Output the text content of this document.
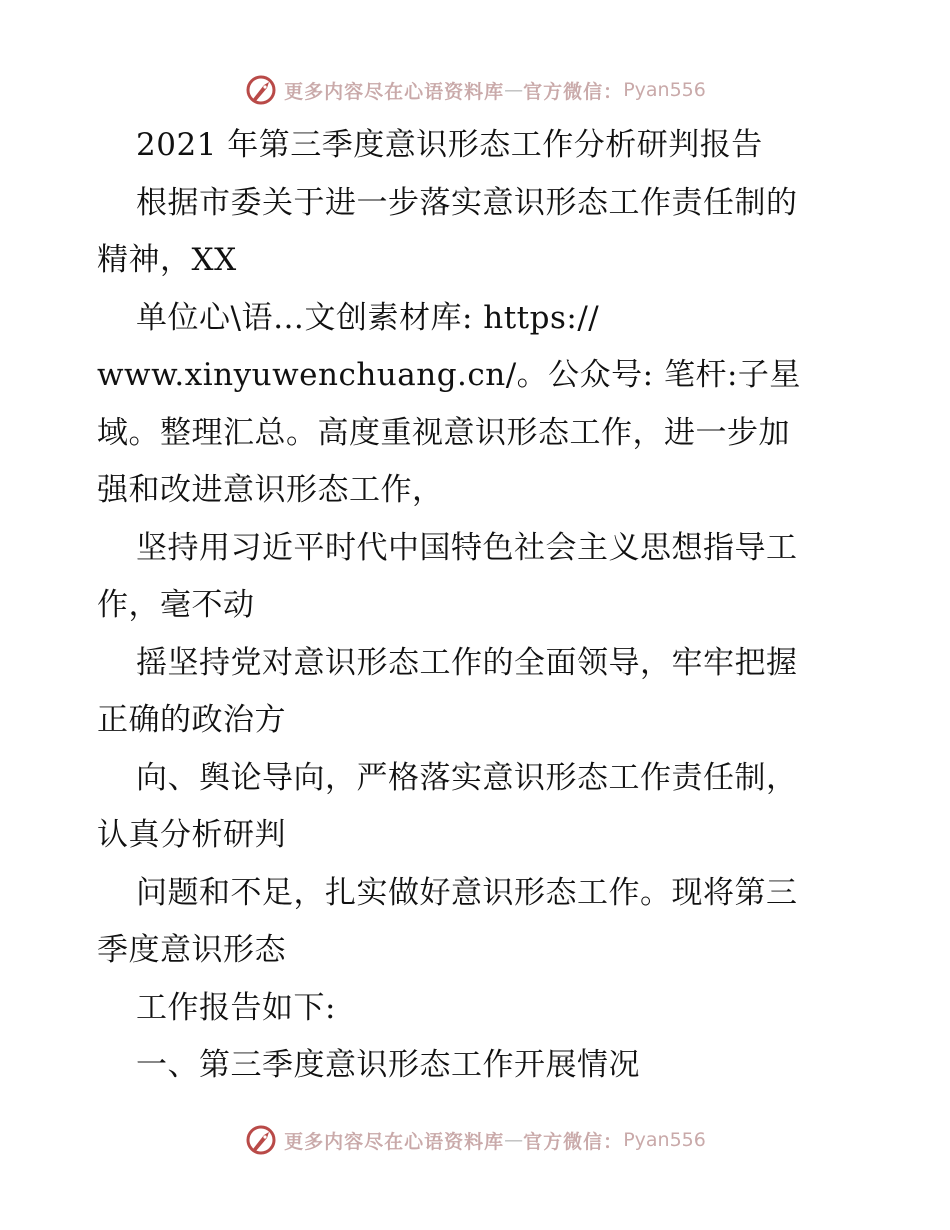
更多内容尽在心语资料库 — 官方微信： Pyan556
2021 年第三季度意识形态工作分析研判报告
根据市委关于进一步落实意识形态工作责任制的
精神，XX
单位心\语…文创素材库: https://
www.xinyuwenchuang.cn/。公众号: 笔杆:子星
域。整理汇总。高度重视意识形态工作，进一步加
强和改进意识形态工作，
坚持用习近平时代中国特色社会主义思想指导工
作，毫不动
摇坚持党对意识形态工作的全面领导，牢牢把握
正确的政治方
向、舆论导向，严格落实意识形态工作责任制，
认真分析研判
问题和不足，扎实做好意识形态工作。现将第三
季度意识形态
工作报告如下:
一、第三季度意识形态工作开展情况
更多内容尽在心语资料库 — 官方微信： Pyan556
